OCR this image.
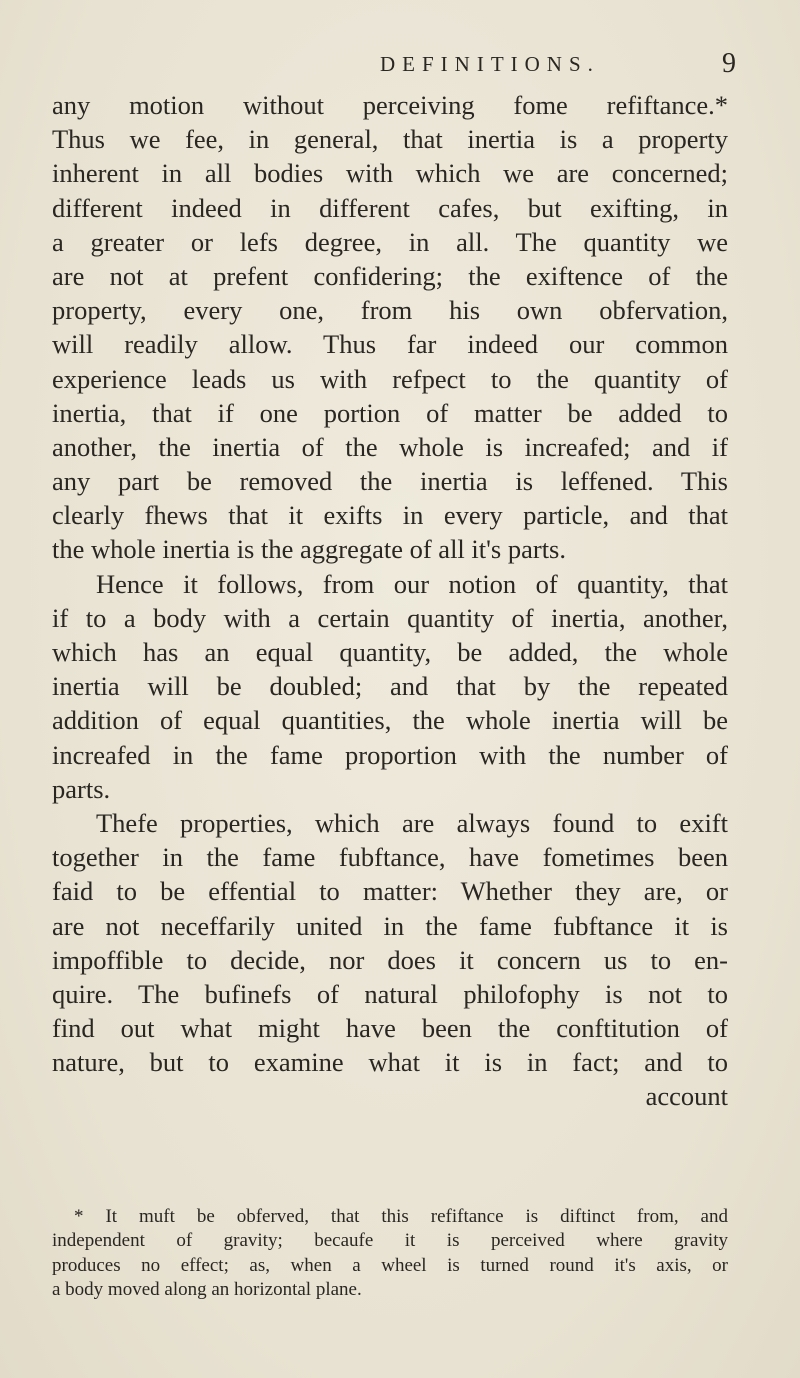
DEFINITIONS.	9
any motion without perceiving fome refiftance.*
Thus we fee, in general, that inertia is a property
inherent in all bodies with which we are concerned;
different indeed in different cafes, but exifting, in
a greater or lefs degree, in all. The quantity we
are not at prefent confidering; the exiftence of the
property, every one, from his own obfervation,
will readily allow. Thus far indeed our common
experience leads us with refpect to the quantity of
inertia, that if one portion of matter be added to
another, the inertia of the whole is increafed; and if
any part be removed the inertia is leffened. This
clearly fhews that it exifts in every particle, and that
the whole inertia is the aggregate of all it's parts.
Hence it follows, from our notion of quantity, that
if to a body with a certain quantity of inertia, another,
which has an equal quantity, be added, the whole
inertia will be doubled; and that by the repeated
addition of equal quantities, the whole inertia will be
increafed in the fame proportion with the number of
parts.
Thefe properties, which are always found to exift
together in the fame fubftance, have fometimes been
faid to be effential to matter: Whether they are, or
are not neceffarily united in the fame fubftance it is
impoffible to decide, nor does it concern us to en-
quire. The bufinefs of natural philofophy is not to
find out what might have been the conftitution of
nature, but to examine what it is in fact; and to
account
* It muft be obferved, that this refiftance is diftinct from, and
independent of gravity; becaufe it is perceived where gravity
produces no effect; as, when a wheel is turned round it's axis, or
a body moved along an horizontal plane.
